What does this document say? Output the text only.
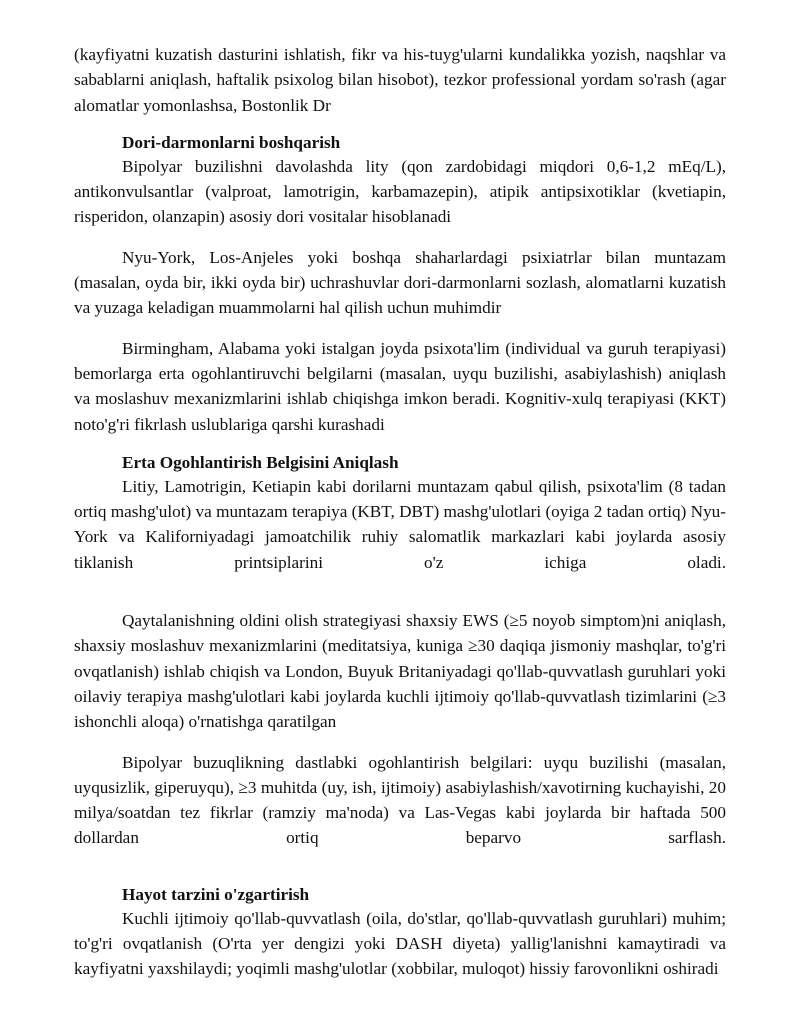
(kayfiyatni kuzatish dasturini ishlatish, fikr va his-tuyg'ularni kundalikka yozish, naqshlar va sabablarni aniqlash, haftalik psixolog bilan hisobot), tezkor professional yordam so'rash (agar alomatlar yomonlashsa, Bostonlik Dr

Dori-darmonlarni boshqarish

Bipolyar buzilishni davolashda lity (qon zardobidagi miqdori 0,6-1,2 mEq/L), antikonvulsantlar (valproat, lamotrigin, karbamazepin), atipik antipsixotiklar (kvetiapin, risperidon, olanzapin) asosiy dori vositalar hisoblanadi

Nyu-York, Los-Anjeles yoki boshqa shaharlardagi psixiatrlar bilan muntazam (masalan, oyda bir, ikki oyda bir) uchrashuvlar dori-darmonlarni sozlash, alomatlarni kuzatish va yuzaga keladigan muammolarni hal qilish uchun muhimdir

Birmingham, Alabama yoki istalgan joyda psixota'lim (individual va guruh terapiyasi) bemorlarga erta ogohlantiruvchi belgilarni (masalan, uyqu buzilishi, asabiylashish) aniqlash va moslashuv mexanizmlarini ishlab chiqishga imkon beradi. Kognitiv-xulq terapiyasi (KKT) noto'g'ri fikrlash uslublariga qarshi kurashadi

Erta Ogohlantirish Belgisini Aniqlash

Litiy, Lamotrigin, Ketiapin kabi dorilarni muntazam qabul qilish, psixota'lim (8 tadan ortiq mashg'ulot) va muntazam terapiya (KBT, DBT) mashg'ulotlari (oyiga 2 tadan ortiq) Nyu-York va Kaliforniyadagi jamoatchilik ruhiy salomatlik markazlari kabi joylarda asosiy tiklanish printsiplarini o'z ichiga oladi.

Qaytalanishning oldini olish strategiyasi shaxsiy EWS (≥5 noyob simptom)ni aniqlash, shaxsiy moslashuv mexanizmlarini (meditatsiya, kuniga ≥30 daqiqa jismoniy mashqlar, to'g'ri ovqatlanish) ishlab chiqish va London, Buyuk Britaniyadagi qo'llab-quvvatlash guruhlari yoki oilaviy terapiya mashg'ulotlari kabi joylarda kuchli ijtimoiy qo'llab-quvvatlash tizimlarini (≥3 ishonchli aloqa) o'rnatishga qaratilgan

Bipolyar buzuqlikning dastlabki ogohlantirish belgilari: uyqu buzilishi (masalan, uyqusizlik, giperuyqu), ≥3 muhitda (uy, ish, ijtimoiy) asabiylashish/xavotirning kuchayishi, 20 milya/soatdan tez fikrlar (ramziy ma'noda) va Las-Vegas kabi joylarda bir haftada 500 dollardan ortiq beparvo sarflash.

Hayot tarzini o'zgartirish

Kuchli ijtimoiy qo'llab-quvvatlash (oila, do'stlar, qo'llab-quvvatlash guruhlari) muhim; to'g'ri ovqatlanish (O'rta yer dengizi yoki DASH diyeta) yallig'lanishni kamaytiradi va kayfiyatni yaxshilaydi; yoqimli mashg'ulotlar (xobbilar, muloqot) hissiy farovonlikni oshiradi
